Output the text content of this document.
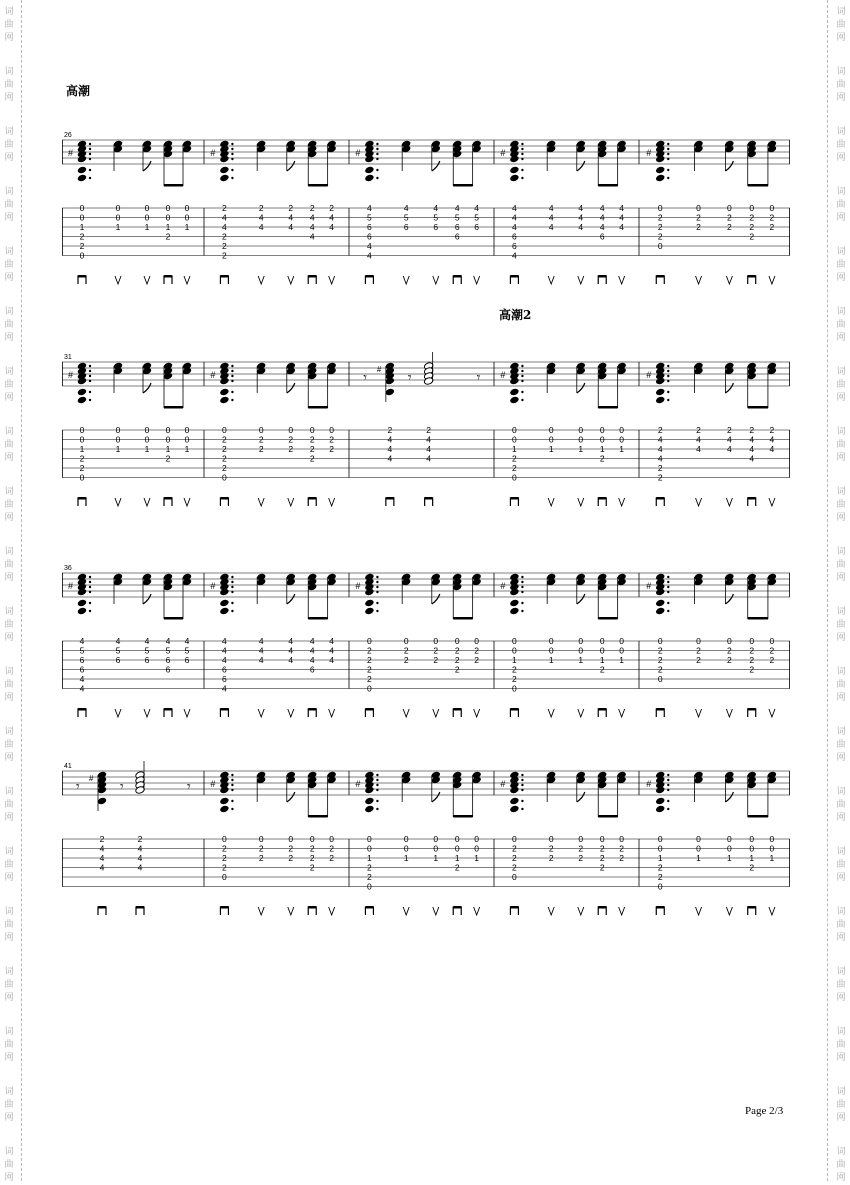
词
曲
网
词
曲
网
词
曲
网
词
曲
网
词
曲
网
词
曲
网
词
曲
网
词
曲
网
词
曲
网
词
曲
网
词
曲
网
词
曲
网
词
曲
网
词
曲
网
词
曲
网
词
曲
网
词
曲
网
词
曲
网
词
曲
网
词
曲
网
词
曲
网
词
曲
网
词
曲
网
词
曲
网
词
曲
网
词
曲
网
词
曲
网
词
曲
网
词
曲
网
词
曲
网
词
曲
网
词
曲
网
词
曲
网
词
曲
网
词
曲
网
词
曲
网
词
曲
网
词
曲
网
词
曲
网
词
曲
网
高潮
高潮2
26
#
0
0
1
2
2
0
0
0
1
0
0
1
0
0
1
2
0
0
1
#
2
4
4
2
2
2
2
4
4
2
4
4
2
4
4
4
2
4
4
#
4
5
6
6
4
4
4
5
6
4
5
6
4
5
6
6
4
5
6
#
4
4
4
6
6
4
4
4
4
4
4
4
4
4
4
6
4
4
4
#
0
2
2
2
0
0
2
2
0
2
2
0
2
2
2
0
2
2
31
#
0
0
1
2
2
0
0
0
1
0
0
1
0
0
1
2
0
0
1
#
0
2
2
2
2
0
0
2
2
0
2
2
0
2
2
2
0
2
2
𝄾 # 𝄾	𝄾
2
4
4
4
2
4
4
4
#
0
0
1
2
2
0
0
0
1
0
0
1
0
0
1
2
0
0
1
#
2
4
4
4
2
2
2
4
4
2
4
4
2
4
4
4
2
4
4
36
#
4
5
6
6
4
4
4
5
6
4
5
6
4
5
6
6
4
5
6
#
4
4
4
6
6
4
4
4
4
4
4
4
4
4
4
6
4
4
4
#
0
2
2
2
2
0
0
2
2
0
2
2
0
2
2
2
0
2
2
#
0
0
1
2
2
0
0
0
1
0
0
1
0
0
1
2
0
0
1
#
0
2
2
2
0
0
2
2
0
2
2
0
2
2
2
0
2
2
41
𝄾 # 𝄾	𝄾
2
4
4
4
2
4
4
4
#
0
2
2
2
0
0
2
2
0
2
2
0
2
2
2
0
2
2
#
0
0
1
2
2
0
0
0
1
0
0
1
0
0
1
2
0
0
1
#
0
2
2
2
0
0
2
2
0
2
2
0
2
2
2
0
2
2
#
0
0
1
2
2
0
0
0
1
0
0
1
0
0
1
2
0
0
1
Page 2/3
